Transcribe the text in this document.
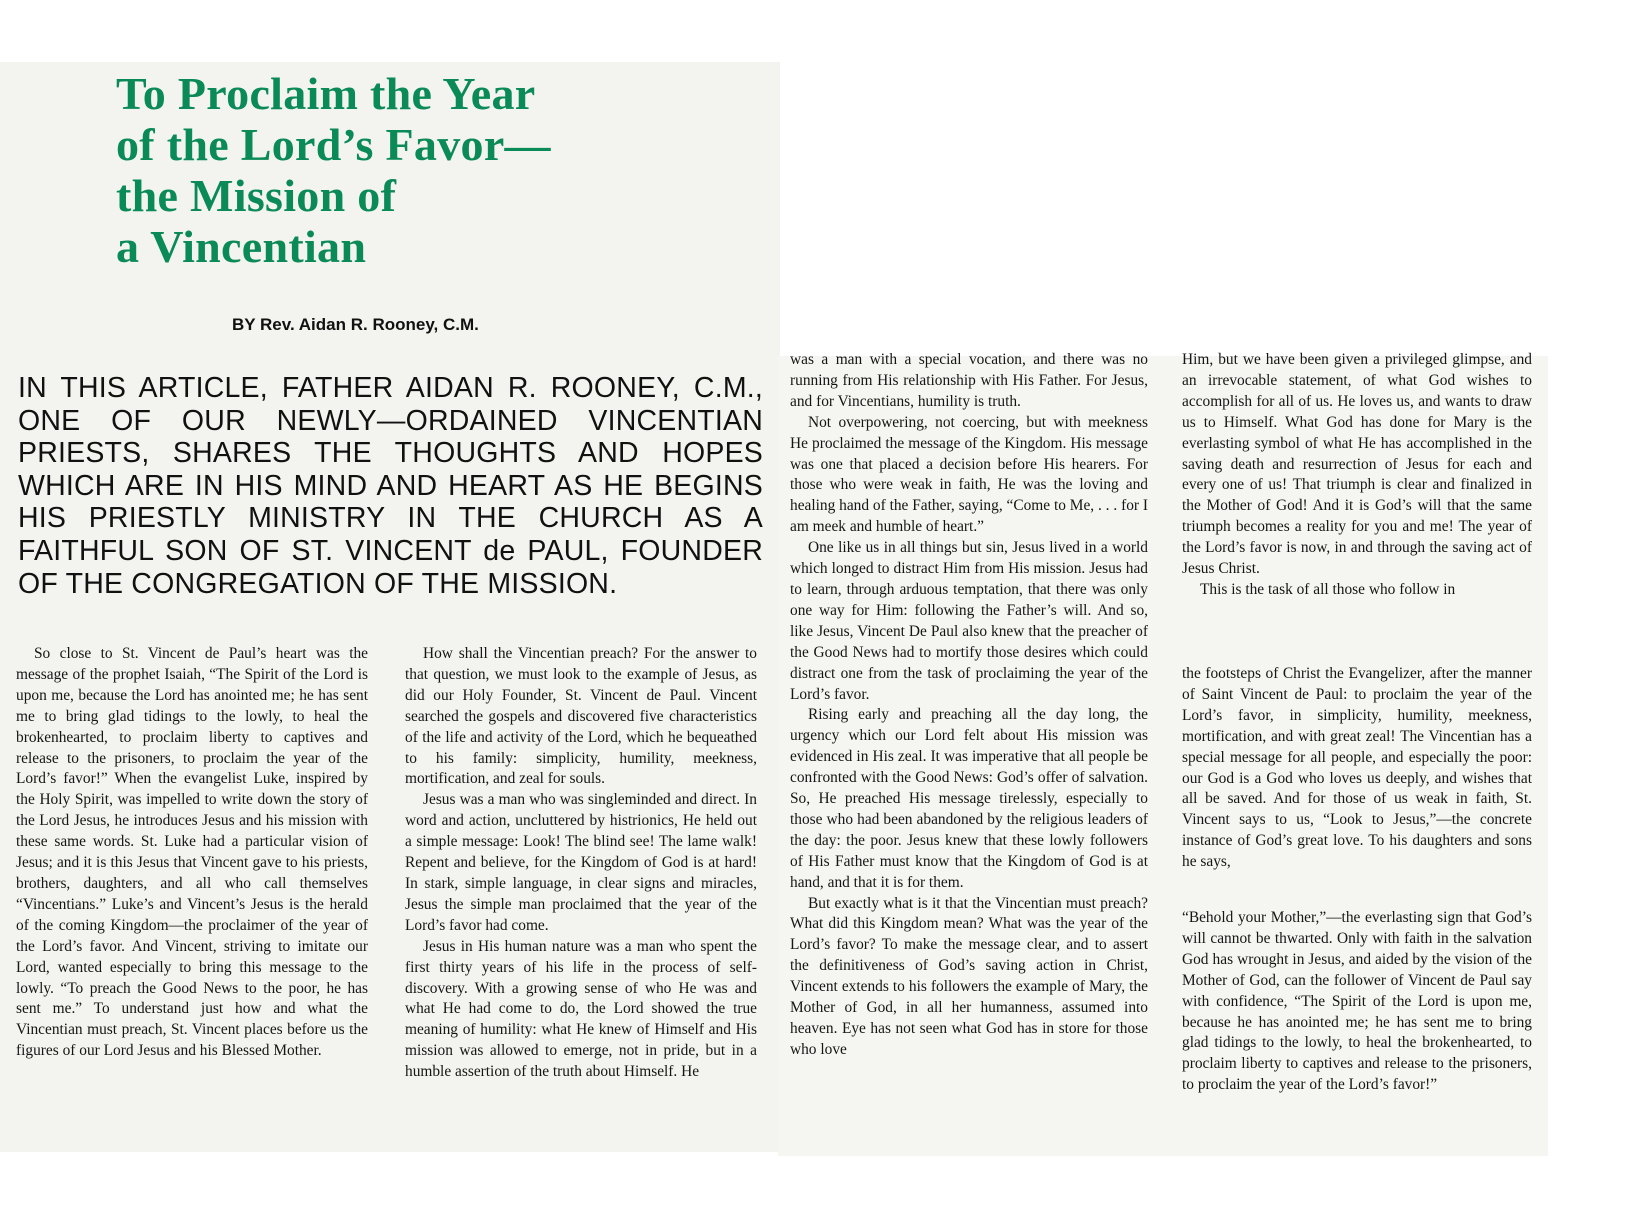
To Proclaim the Year
of the Lord’s Favor—
the Mission of
a Vincentian
BY Rev. Aidan R. Rooney, C.M.

IN THIS ARTICLE, FATHER AIDAN R. ROONEY, C.M., ONE OF OUR NEWLY—ORDAINED VINCENTIAN PRIESTS, SHARES THE THOUGHTS AND HOPES WHICH ARE IN HIS MIND AND HEART AS HE BEGINS HIS PRIESTLY MINISTRY IN THE CHURCH AS A FAITHFUL SON OF ST. VINCENT de PAUL, FOUNDER OF THE CONGREGATION OF THE MISSION.

So close to St. Vincent de Paul’s heart was the message of the prophet Isaiah, “The Spirit of the Lord is upon me, because the Lord has anointed me; he has sent me to bring glad tidings to the lowly, to heal the brokenhearted, to proclaim liberty to captives and release to the prisoners, to proclaim the year of the Lord’s favor!” When the evangelist Luke, inspired by the Holy Spirit, was impelled to write down the story of the Lord Jesus, he introduces Jesus and his mission with these same words. St. Luke had a particular vision of Jesus; and it is this Jesus that Vincent gave to his priests, brothers, daughters, and all who call themselves “Vincentians.” Luke’s and Vincent’s Jesus is the herald of the coming Kingdom—the proclaimer of the year of the Lord’s favor. And Vincent, striving to imitate our Lord, wanted especially to bring this message to the lowly. “To preach the Good News to the poor, he has sent me.” To understand just how and what the Vincentian must preach, St. Vincent places before us the figures of our Lord Jesus and his Blessed Mother.

How shall the Vincentian preach? For the answer to that question, we must look to the example of Jesus, as did our Holy Founder, St. Vincent de Paul. Vincent searched the gospels and discovered five characteristics of the life and activity of the Lord, which he bequeathed to his family: simplicity, humility, meekness, mortification, and zeal for souls.

Jesus was a man who was singleminded and direct. In word and action, uncluttered by histrionics, He held out a simple message: Look! The blind see! The lame walk! Repent and believe, for the Kingdom of God is at hard! In stark, simple language, in clear signs and miracles, Jesus the simple man proclaimed that the year of the Lord’s favor had come.

Jesus in His human nature was a man who spent the first thirty years of his life in the process of self-discovery. With a growing sense of who He was and what He had come to do, the Lord showed the true meaning of humility: what He knew of Himself and His mission was allowed to emerge, not in pride, but in a humble assertion of the truth about Himself. He

was a man with a special vocation, and there was no running from His relationship with His Father. For Jesus, and for Vincentians, humility is truth.

Not overpowering, not coercing, but with meekness He proclaimed the message of the Kingdom. His message was one that placed a decision before His hearers. For those who were weak in faith, He was the loving and healing hand of the Father, saying, “Come to Me, . . . for I am meek and humble of heart.”

One like us in all things but sin, Jesus lived in a world which longed to distract Him from His mission. Jesus had to learn, through arduous temptation, that there was only one way for Him: following the Father’s will. And so, like Jesus, Vincent De Paul also knew that the preacher of the Good News had to mortify those desires which could distract one from the task of proclaiming the year of the Lord’s favor.

Rising early and preaching all the day long, the urgency which our Lord felt about His mission was evidenced in His zeal. It was imperative that all people be confronted with the Good News: God’s offer of salvation. So, He preached His message tirelessly, especially to those who had been abandoned by the religious leaders of the day: the poor. Jesus knew that these lowly followers of His Father must know that the Kingdom of God is at hand, and that it is for them.

But exactly what is it that the Vincentian must preach? What did this Kingdom mean? What was the year of the Lord’s favor? To make the message clear, and to assert the definitiveness of God’s saving action in Christ, Vincent extends to his followers the example of Mary, the Mother of God, in all her humanness, assumed into heaven. Eye has not seen what God has in store for those who love

Him, but we have been given a privileged glimpse, and an irrevocable statement, of what God wishes to accomplish for all of us. He loves us, and wants to draw us to Himself. What God has done for Mary is the everlasting symbol of what He has accomplished in the saving death and resurrection of Jesus for each and every one of us! That triumph is clear and finalized in the Mother of God! And it is God’s will that the same triumph becomes a reality for you and me! The year of the Lord’s favor is now, in and through the saving act of Jesus Christ.

This is the task of all those who follow in

the footsteps of Christ the Evangelizer, after the manner of Saint Vincent de Paul: to proclaim the year of the Lord’s favor, in simplicity, humility, meekness, mortification, and with great zeal! The Vincentian has a special message for all people, and especially the poor: our God is a God who loves us deeply, and wishes that all be saved. And for those of us weak in faith, St. Vincent says to us, “Look to Jesus,”—the concrete instance of God’s great love. To his daughters and sons he says,

“Behold your Mother,”—the everlasting sign that God’s will cannot be thwarted. Only with faith in the salvation God has wrought in Jesus, and aided by the vision of the Mother of God, can the follower of Vincent de Paul say with confidence, “The Spirit of the Lord is upon me, because he has anointed me; he has sent me to bring glad tidings to the lowly, to heal the brokenhearted, to proclaim liberty to captives and release to the prisoners, to proclaim the year of the Lord’s favor!”
